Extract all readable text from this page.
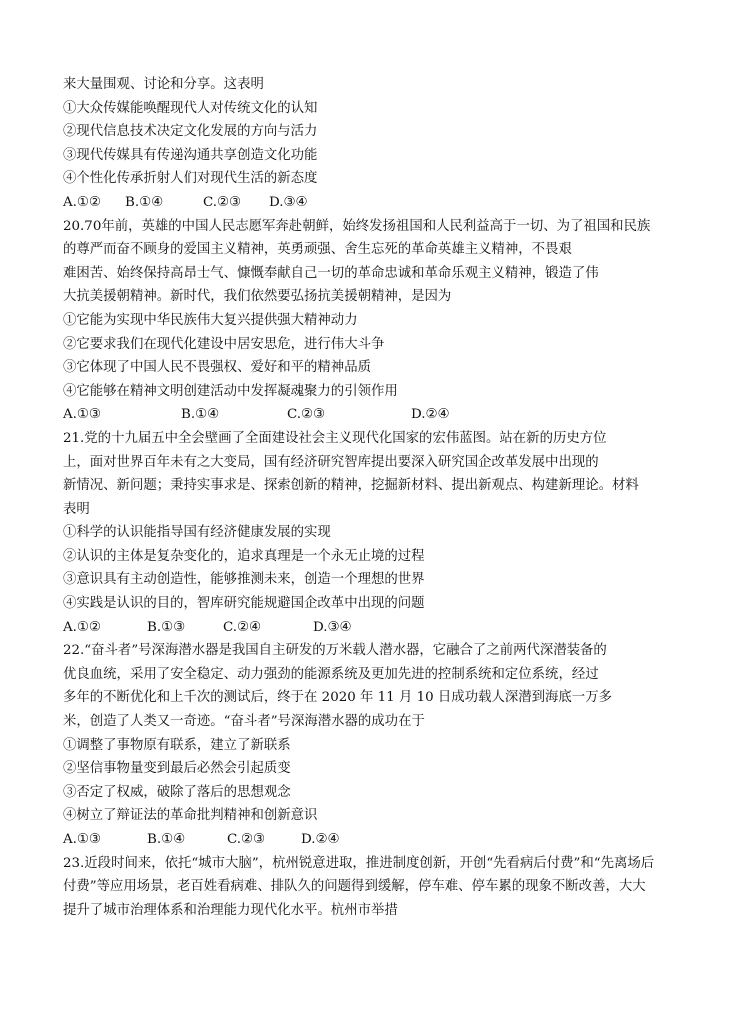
来大量围观、讨论和分享。这表明
①大众传媒能唤醒现代人对传统文化的认知
②现代信息技术决定文化发展的方向与活力
③现代传媒具有传递沟通共享创造文化功能
④个性化传承折射人们对现代生活的新态度
A.①②	B.①④	C.②③	D.③④
20.70年前，英雄的中国人民志愿军奔赴朝鲜，始终发扬祖国和人民利益高于一切、为了祖国和民族
的尊严而奋不顾身的爱国主义精神，英勇顽强、舍生忘死的革命英雄主义精神，不畏艰
难困苦、始终保持高昂士气、慷慨奉献自己一切的革命忠诚和革命乐观主义精神，锻造了伟
大抗美援朝精神。新时代，我们依然要弘扬抗美援朝精神，是因为
①它能为实现中华民族伟大复兴提供强大精神动力
②它要求我们在现代化建设中居安思危，进行伟大斗争
③它体现了中国人民不畏强权、爱好和平的精神品质
④它能够在精神文明创建活动中发挥凝魂聚力的引领作用
A.①③	B.①④	C.②③	D.②④
21.党的十九届五中全会壁画了全面建设社会主义现代化国家的宏伟蓝图。站在新的历史方位
上，面对世界百年未有之大变局，国有经济研究智库提出要深入研究国企改革发展中出现的
新情况、新问题；秉持实事求是、探索创新的精神，挖掘新材料、提出新观点、构建新理论。材料
表明
①科学的认识能指导国有经济健康发展的实现
②认识的主体是复杂变化的，追求真理是一个永无止境的过程
③意识具有主动创造性，能够推测未来，创造一个理想的世界
④实践是认识的目的，智库研究能规避国企改革中出现的问题
A.①②	B.①③	C.②④	D.③④
22.“奋斗者”号深海潜水器是我国自主研发的万米载人潜水器，它融合了之前两代深潜装备的
优良血统，采用了安全稳定、动力强劲的能源系统及更加先进的控制系统和定位系统，经过
多年的不断优化和上千次的测试后，终于在 2020 年 11 月 10 日成功载人深潜到海底一万多
米，创造了人类又一奇迹。“奋斗者”号深海潜水器的成功在于
①调整了事物原有联系，建立了新联系
②坚信事物量变到最后必然会引起质变
③否定了权威，破除了落后的思想观念
④树立了辩证法的革命批判精神和创新意识
A.①③	B.①④	C.②③	D.②④
23.近段时间来，依托“城市大脑”，杭州锐意进取，推进制度创新，开创“先看病后付费”和“先离场后
付费”等应用场景，老百姓看病难、排队久的问题得到缓解，停车难、停车累的现象不断改善，大大
提升了城市治理体系和治理能力现代化水平。杭州市举措
